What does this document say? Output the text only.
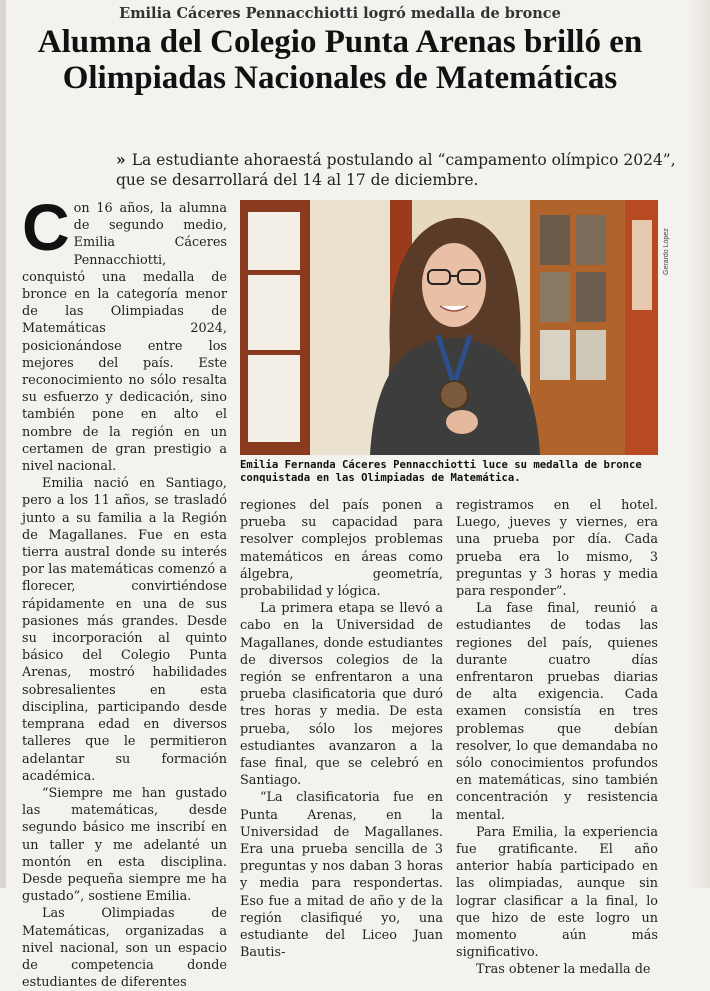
Emilia Cáceres Pennacchiotti logró medalla de bronce
Alumna del Colegio Punta Arenas brilló en Olimpiadas Nacionales de Matemáticas
» La estudiante ahoraestá postulando al “campamento olímpico 2024”, que se desarrollará del 14 al 17 de diciembre.
C on 16 años, la alumna de segundo medio, Emilia Cáceres Pennacchiotti, conquistó una medalla de bronce en la categoría menor de las Olimpiadas de Matemáticas 2024, posicionándose entre los mejores del país. Este reconocimiento no sólo resalta su esfuerzo y dedicación, sino también pone en alto el nombre de la región en un certamen de gran prestigio a nivel nacional.

Emilia nació en Santiago, pero a los 11 años, se trasladó junto a su familia a la Región de Magallanes. Fue en esta tierra austral donde su interés por las matemáticas comenzó a florecer, convirtiéndose rápidamente en una de sus pasiones más grandes. Desde su incorporación al quinto básico del Colegio Punta Arenas, mostró habilidades sobresalientes en esta disciplina, participando desde temprana edad en diversos talleres que le permitieron adelantar su formación académica.

“Siempre me han gustado las matemáticas, desde segundo básico me inscribí en un taller y me adelanté un montón en esta disciplina. Desde pequeña siempre me ha gustado”, sostiene Emilia.

Las Olimpiadas de Matemáticas, organizadas a nivel nacional, son un espacio de competencia donde estudiantes de diferentes

Gerardo López
Emilia Fernanda Cáceres Pennacchiotti luce su medalla de bronce conquistada en las Olimpiadas de Matemática.

regiones del país ponen a prueba su capacidad para resolver complejos problemas matemáticos en áreas como álgebra, geometría, probabilidad y lógica.

La primera etapa se llevó a cabo en la Universidad de Magallanes, donde estudiantes de diversos colegios de la región se enfrentaron a una prueba clasificatoria que duró tres horas y media. De esta prueba, sólo los mejores estudiantes avanzaron a la fase final, que se celebró en Santiago.

“La clasificatoria fue en Punta Arenas, en la Universidad de Magallanes. Era una prueba sencilla de 3 preguntas y nos daban 3 horas y media para respondertas. Eso fue a mitad de año y de la región clasifiqué yo, una estudiante del Liceo Juan Bautis-

registramos en el hotel. Luego, jueves y viernes, era una prueba por día. Cada prueba era lo mismo, 3 preguntas y 3 horas y media para responder”.

La fase final, reunió a estudiantes de todas las regiones del país, quienes durante cuatro días enfrentaron pruebas diarias de alta exigencia. Cada examen consistía en tres problemas que debían resolver, lo que demandaba no sólo conocimientos profundos en matemáticas, sino también concentración y resistencia mental.

Para Emilia, la experiencia fue gratificante. El año anterior había participado en las olimpiadas, aunque sin lograr clasificar a la final, lo que hizo de este logro un momento aún más significativo.

Tras obtener la medalla de
